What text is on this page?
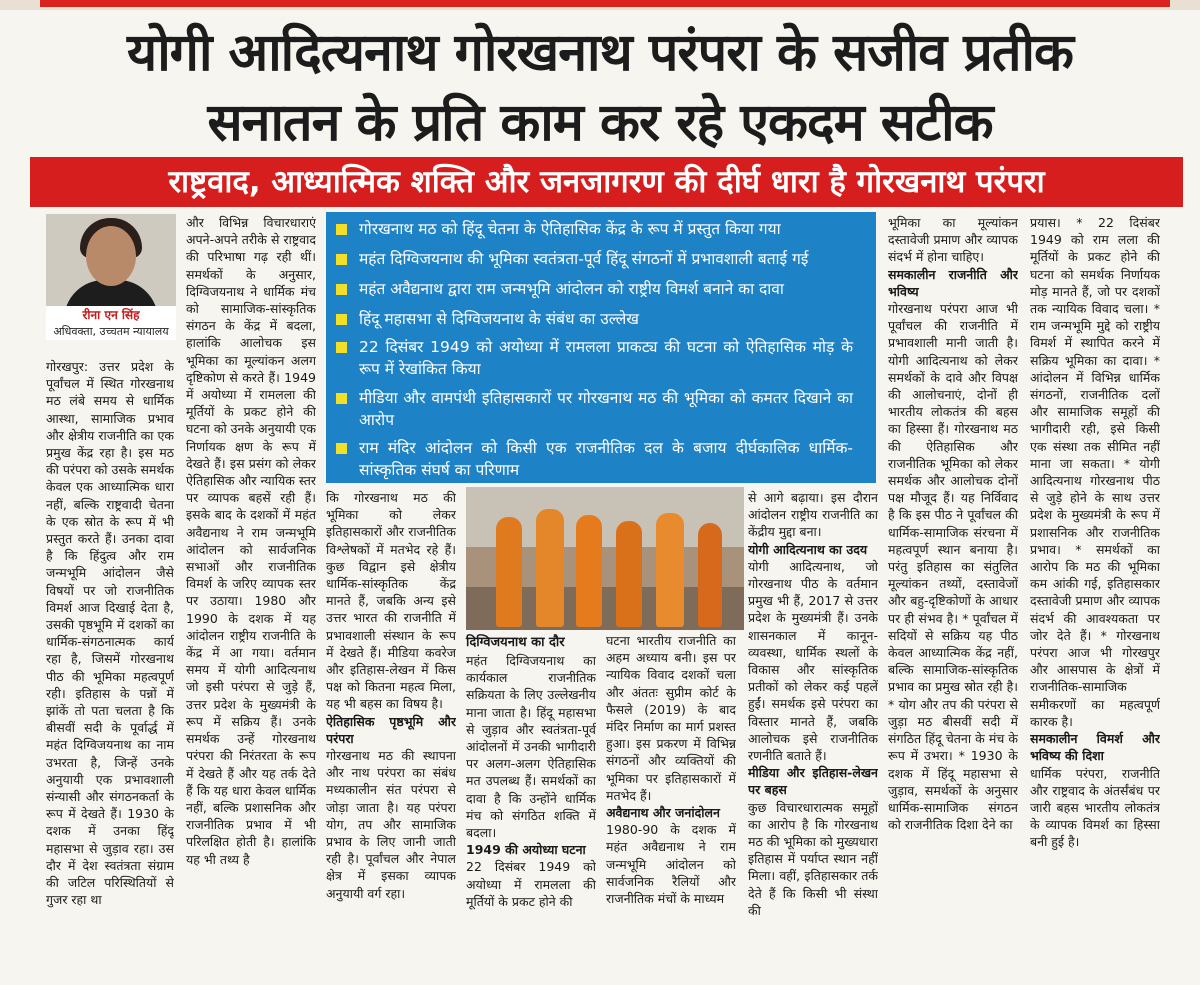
योगी आदित्यनाथ गोरखनाथ परंपरा के सजीव प्रतीक
सनातन के प्रति काम कर रहे एकदम सटीक
राष्ट्रवाद, आध्यात्मिक शक्ति और जनजागरण की दीर्घ धारा है गोरखनाथ परंपरा
रीना एन सिंह
अधिवक्ता, उच्चतम न्यायालय

गोरखपुर: उत्तर प्रदेश के पूर्वांचल में स्थित गोरखनाथ मठ लंबे समय से धार्मिक आस्था, सामाजिक प्रभाव और क्षेत्रीय राजनीति का एक प्रमुख केंद्र रहा है। इस मठ की परंपरा को उसके समर्थक केवल एक आध्यात्मिक धारा नहीं, बल्कि राष्ट्रवादी चेतना के एक स्रोत के रूप में भी प्रस्तुत करते हैं। उनका दावा है कि हिंदुत्व और राम जन्मभूमि आंदोलन जैसे विषयों पर जो राजनीतिक विमर्श आज दिखाई देता है, उसकी पृष्ठभूमि में दशकों का धार्मिक-संगठनात्मक कार्य रहा है, जिसमें गोरखनाथ पीठ की भूमिका महत्वपूर्ण रही। इतिहास के पन्नों में झांकें तो पता चलता है कि बीसवीं सदी के पूर्वार्द्ध में महंत दिग्विजयनाथ का नाम उभरता है, जिन्हें उनके अनुयायी एक प्रभावशाली संन्यासी और संगठनकर्ता के रूप में देखते हैं। 1930 के दशक में उनका हिंदू महासभा से जुड़ाव रहा। उस दौर में देश स्वतंत्रता संग्राम की जटिल परिस्थितियों से गुजर रहा था

और विभिन्न विचारधाराएं अपने-अपने तरीके से राष्ट्रवाद की परिभाषा गढ़ रही थीं। समर्थकों के अनुसार, दिग्विजयनाथ ने धार्मिक मंच को सामाजिक-सांस्कृतिक संगठन के केंद्र में बदला, हालांकि आलोचक इस भूमिका का मूल्यांकन अलग दृष्टिकोण से करते हैं। 1949 में अयोध्या में रामलला की मूर्तियों के प्रकट होने की घटना को उनके अनुयायी एक निर्णायक क्षण के रूप में देखते हैं। इस प्रसंग को लेकर ऐतिहासिक और न्यायिक स्तर पर व्यापक बहसें रही हैं। इसके बाद के दशकों में महंत अवैद्यनाथ ने राम जन्मभूमि आंदोलन को सार्वजनिक सभाओं और राजनीतिक विमर्श के जरिए व्यापक स्तर पर उठाया। 1980 और 1990 के दशक में यह आंदोलन राष्ट्रीय राजनीति के केंद्र में आ गया। वर्तमान समय में योगी आदित्यनाथ जो इसी परंपरा से जुड़े हैं, उत्तर प्रदेश के मुख्यमंत्री के रूप में सक्रिय हैं। उनके समर्थक उन्हें गोरखनाथ परंपरा की निरंतरता के रूप में देखते हैं और यह तर्क देते हैं कि यह धारा केवल धार्मिक नहीं, बल्कि प्रशासनिक और राजनीतिक प्रभाव में भी परिलक्षित होती है। हालांकि यह भी तथ्य है

गोरखनाथ मठ को हिंदू चेतना के ऐतिहासिक केंद्र के रूप में प्रस्तुत किया गया
महंत दिग्विजयनाथ की भूमिका स्वतंत्रता-पूर्व हिंदू संगठनों में प्रभावशाली बताई गई
महंत अवैद्यनाथ द्वारा राम जन्मभूमि आंदोलन को राष्ट्रीय विमर्श बनाने का दावा
हिंदू महासभा से दिग्विजयनाथ के संबंध का उल्लेख
22 दिसंबर 1949 को अयोध्या में रामलला प्राकट्य की घटना को ऐतिहासिक मोड़ के रूप में रेखांकित किया
मीडिया और वामपंथी इतिहासकारों पर गोरखनाथ मठ की भूमिका को कमतर दिखाने का आरोप
राम मंदिर आंदोलन को किसी एक राजनीतिक दल के बजाय दीर्घकालिक धार्मिक-सांस्कृतिक संघर्ष का परिणाम

कि गोरखनाथ मठ की भूमिका को लेकर इतिहासकारों और राजनीतिक विश्लेषकों में मतभेद रहे हैं। कुछ विद्वान इसे क्षेत्रीय धार्मिक-सांस्कृतिक केंद्र मानते हैं, जबकि अन्य इसे उत्तर भारत की राजनीति में प्रभावशाली संस्थान के रूप में देखते हैं। मीडिया कवरेज और इतिहास-लेखन में किस पक्ष को कितना महत्व मिला, यह भी बहस का विषय है।

ऐतिहासिक पृष्ठभूमि और परंपरा

गोरखनाथ मठ की स्थापना और नाथ परंपरा का संबंध मध्यकालीन संत परंपरा से जोड़ा जाता है। यह परंपरा योग, तप और सामाजिक प्रभाव के लिए जानी जाती रही है। पूर्वांचल और नेपाल क्षेत्र में इसका व्यापक अनुयायी वर्ग रहा।

दिग्विजयनाथ का दौर

महंत दिग्विजयनाथ का कार्यकाल राजनीतिक सक्रियता के लिए उल्लेखनीय माना जाता है। हिंदू महासभा से जुड़ाव और स्वतंत्रता-पूर्व आंदोलनों में उनकी भागीदारी पर अलग-अलग ऐतिहासिक मत उपलब्ध हैं। समर्थकों का दावा है कि उन्होंने धार्मिक मंच को संगठित शक्ति में बदला।

1949 की अयोध्या घटना

22 दिसंबर 1949 को अयोध्या में रामलला की मूर्तियों के प्रकट होने की

घटना भारतीय राजनीति का अहम अध्याय बनी। इस पर न्यायिक विवाद दशकों चला और अंततः सुप्रीम कोर्ट के फैसले (2019) के बाद मंदिर निर्माण का मार्ग प्रशस्त हुआ। इस प्रकरण में विभिन्न संगठनों और व्यक्तियों की भूमिका पर इतिहासकारों में मतभेद हैं।

अवैद्यनाथ और जनांदोलन

1980-90 के दशक में महंत अवैद्यनाथ ने राम जन्मभूमि आंदोलन को सार्वजनिक रैलियों और राजनीतिक मंचों के माध्यम

से आगे बढ़ाया। इस दौरान आंदोलन राष्ट्रीय राजनीति का केंद्रीय मुद्दा बना।

योगी आदित्यनाथ का उदय

योगी आदित्यनाथ, जो गोरखनाथ पीठ के वर्तमान प्रमुख भी हैं, 2017 से उत्तर प्रदेश के मुख्यमंत्री हैं। उनके शासनकाल में कानून-व्यवस्था, धार्मिक स्थलों के विकास और सांस्कृतिक प्रतीकों को लेकर कई पहलें हुईं। समर्थक इसे परंपरा का विस्तार मानते हैं, जबकि आलोचक इसे राजनीतिक रणनीति बताते हैं।

मीडिया और इतिहास-लेखन पर बहस

कुछ विचारधारात्मक समूहों का आरोप है कि गोरखनाथ मठ की भूमिका को मुख्यधारा इतिहास में पर्याप्त स्थान नहीं मिला। वहीं, इतिहासकार तर्क देते हैं कि किसी भी संस्था की

भूमिका का मूल्यांकन दस्तावेजी प्रमाण और व्यापक संदर्भ में होना चाहिए।

समकालीन राजनीति और भविष्य

गोरखनाथ परंपरा आज भी पूर्वांचल की राजनीति में प्रभावशाली मानी जाती है। योगी आदित्यनाथ को लेकर समर्थकों के दावे और विपक्ष की आलोचनाएं, दोनों ही भारतीय लोकतंत्र की बहस का हिस्सा हैं। गोरखनाथ मठ की ऐतिहासिक और राजनीतिक भूमिका को लेकर समर्थक और आलोचक दोनों पक्ष मौजूद हैं। यह निर्विवाद है कि इस पीठ ने पूर्वांचल की धार्मिक-सामाजिक संरचना में महत्वपूर्ण स्थान बनाया है। परंतु इतिहास का संतुलित मूल्यांकन तथ्यों, दस्तावेजों और बहु-दृष्टिकोणों के आधार पर ही संभव है। * पूर्वांचल में सदियों से सक्रिय यह पीठ केवल आध्यात्मिक केंद्र नहीं, बल्कि सामाजिक-सांस्कृतिक प्रभाव का प्रमुख स्रोत रही है। * योग और तप की परंपरा से जुड़ा मठ बीसवीं सदी में संगठित हिंदू चेतना के मंच के रूप में उभरा। * 1930 के दशक में हिंदू महासभा से जुड़ाव, समर्थकों के अनुसार धार्मिक-सामाजिक संगठन को राजनीतिक दिशा देने का

प्रयास। * 22 दिसंबर 1949 को राम लला की मूर्तियों के प्रकट होने की घटना को समर्थक निर्णायक मोड़ मानते हैं, जो पर दशकों तक न्यायिक विवाद चला। * राम जन्मभूमि मुद्दे को राष्ट्रीय विमर्श में स्थापित करने में सक्रिय भूमिका का दावा। * आंदोलन में विभिन्न धार्मिक संगठनों, राजनीतिक दलों और सामाजिक समूहों की भागीदारी रही, इसे किसी एक संस्था तक सीमित नहीं माना जा सकता। * योगी आदित्यनाथ गोरखनाथ पीठ से जुड़े होने के साथ उत्तर प्रदेश के मुख्यमंत्री के रूप में प्रशासनिक और राजनीतिक प्रभाव। * समर्थकों का आरोप कि मठ की भूमिका कम आंकी गई, इतिहासकार दस्तावेजी प्रमाण और व्यापक संदर्भ की आवश्यकता पर जोर देते हैं। * गोरखनाथ परंपरा आज भी गोरखपुर और आसपास के क्षेत्रों में राजनीतिक-सामाजिक समीकरणों का महत्वपूर्ण कारक है।

समकालीन विमर्श और भविष्य की दिशा

धार्मिक परंपरा, राजनीति और राष्ट्रवाद के अंतर्संबंध पर जारी बहस भारतीय लोकतंत्र के व्यापक विमर्श का हिस्सा बनी हुई है।
